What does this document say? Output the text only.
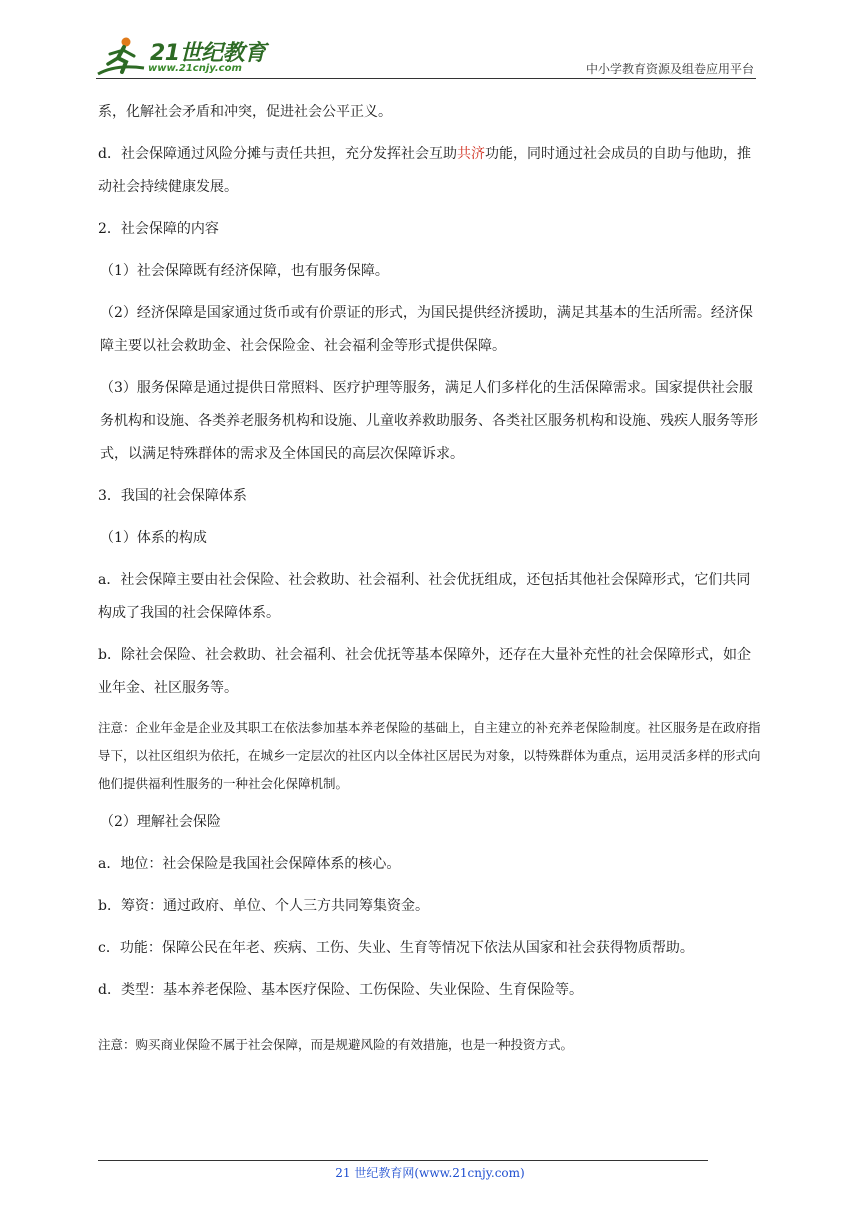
21世纪教育
www.21cnjy.com	中小学教育资源及组卷应用平台

系，化解社会矛盾和冲突，促进社会公平正义。

d．社会保障通过风险分摊与责任共担，充分发挥社会互助共济功能，同时通过社会成员的自助与他助，推动社会持续健康发展。

2．社会保障的内容

（1）社会保障既有经济保障，也有服务保障。

（2）经济保障是国家通过货币或有价票证的形式，为国民提供经济援助，满足其基本的生活所需。经济保障主要以社会救助金、社会保险金、社会福利金等形式提供保障。

（3）服务保障是通过提供日常照料、医疗护理等服务，满足人们多样化的生活保障需求。国家提供社会服务机构和设施、各类养老服务机构和设施、儿童收养救助服务、各类社区服务机构和设施、残疾人服务等形式，以满足特殊群体的需求及全体国民的高层次保障诉求。

3．我国的社会保障体系

（1）体系的构成

a．社会保障主要由社会保险、社会救助、社会福利、社会优抚组成，还包括其他社会保障形式，它们共同构成了我国的社会保障体系。

b．除社会保险、社会救助、社会福利、社会优抚等基本保障外，还存在大量补充性的社会保障形式，如企业年金、社区服务等。

注意：企业年金是企业及其职工在依法参加基本养老保险的基础上，自主建立的补充养老保险制度。社区服务是在政府指导下，以社区组织为依托，在城乡一定层次的社区内以全体社区居民为对象，以特殊群体为重点，运用灵活多样的形式向他们提供福利性服务的一种社会化保障机制。

（2）理解社会保险

a．地位：社会保险是我国社会保障体系的核心。

b．筹资：通过政府、单位、个人三方共同筹集资金。

c．功能：保障公民在年老、疾病、工伤、失业、生育等情况下依法从国家和社会获得物质帮助。

d．类型：基本养老保险、基本医疗保险、工伤保险、失业保险、生育保险等。

注意：购买商业保险不属于社会保障，而是规避风险的有效措施，也是一种投资方式。

21 世纪教育网(www.21cnjy.com)
